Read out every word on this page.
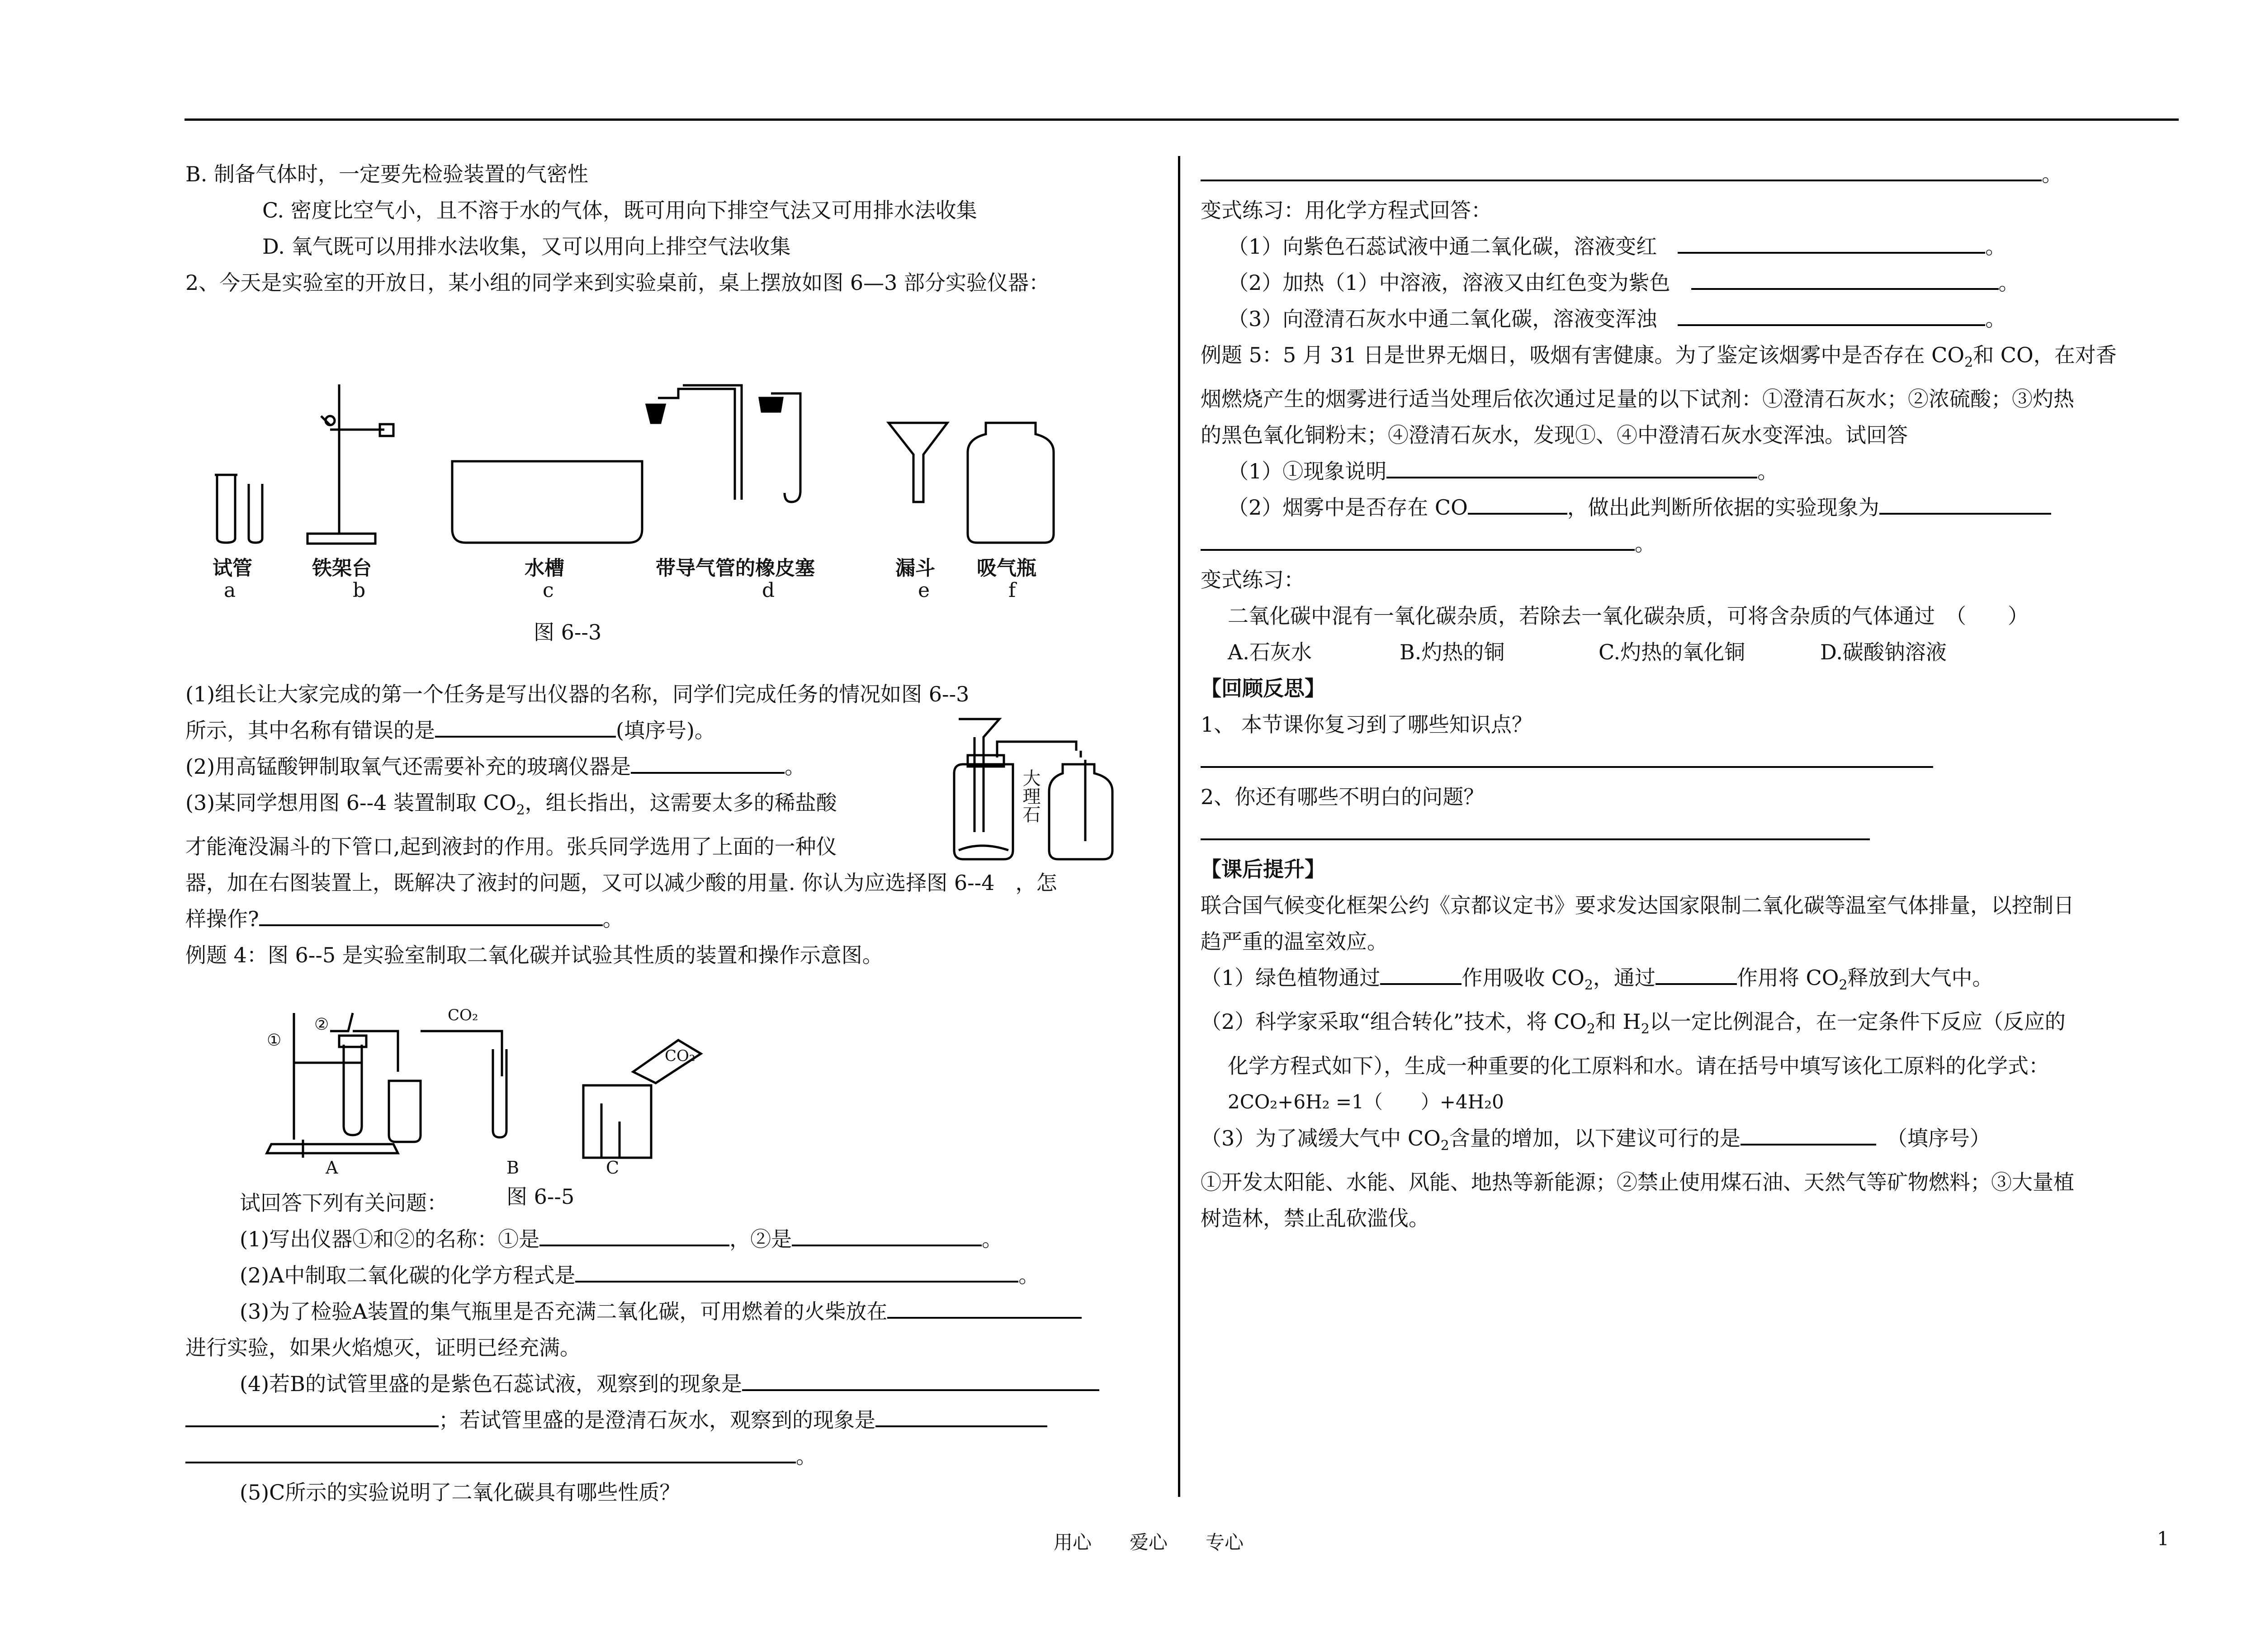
B. 制备气体时，一定要先检验装置的气密性

C. 密度比空气小，且不溶于水的气体，既可用向下排空气法又可用排水法收集

D. 氧气既可以用排水法收集，又可以用向上排空气法收集

2、今天是实验室的开放日，某小组的同学来到实验桌前，桌上摆放如图 6—3 部分实验仪器：

试管	铁架台	水槽	带导气管的橡皮塞	漏斗 吸气瓶
a	b	c	d	e	f
图 6--3

(1)组长让大家完成的第一个任务是写出仪器的名称，同学们完成任务的情况如图 6--3

所示，其中名称有错误的是	(填序号)。

(2)用高锰酸钾制取氧气还需要补充的玻璃仪器是	。

(3)某同学想用图 6--4 装置制取 $CO_2$，组长指出，这需要太多的稀盐酸

才能淹没漏斗的下管口,起到液封的作用。张兵同学选用了上面的一种仪

器，加在右图装置上，既解决了液封的问题，又可以减少酸的用量. 你认为应选择图 6--4　 ，怎

样操作?	。

例题 4：图 6--5 是实验室制取二氧化碳并试验其性质的装置和操作示意图。

大理石
①
②	CO₂
CO₂
A	B	C
图 6--5

试回答下列有关问题：

(1)写出仪器①和②的名称：①是	，②是	。

(2)A中制取二氧化碳的化学方程式是	。

(3)为了检验A装置的集气瓶里是否充满二氧化碳，可用燃着的火柴放在

进行实验，如果火焰熄灭，证明已经充满。

(4)若B的试管里盛的是紫色石蕊试液，观察到的现象是

；若试管里盛的是澄清石灰水，观察到的现象是

。

(5)C所示的实验说明了二氧化碳具有哪些性质？

。

变式练习：用化学方程式回答：

（1）向紫色石蕊试液中通二氧化碳，溶液变红　	。

（2）加热（1）中溶液，溶液又由红色变为紫色　	。

（3）向澄清石灰水中通二氧化碳，溶液变浑浊　	。

例题 5：5 月 31 日是世界无烟日，吸烟有害健康。为了鉴定该烟雾中是否存在 $CO_2$和 CO，在对香

烟燃烧产生的烟雾进行适当处理后依次通过足量的以下试剂：①澄清石灰水；②浓硫酸；③灼热

的黑色氧化铜粉末；④澄清石灰水，发现①、④中澄清石灰水变浑浊。试回答

（1）①现象说明	。

（2）烟雾中是否存在 CO	，做出此判断所依据的实验现象为

。

变式练习：

二氧化碳中混有一氧化碳杂质，若除去一氧化碳杂质，可将含杂质的气体通过　（　　）

A.石灰水	B.灼热的铜	C.灼热的氧化铜	D.碳酸钠溶液

【回顾反思】

1、 本节课你复习到了哪些知识点？

2、你还有哪些不明白的问题？

【课后提升】

联合国气候变化框架公约《京都议定书》要求发达国家限制二氧化碳等温室气体排量，以控制日

趋严重的温室效应。

（1）绿色植物通过	作用吸收 $CO_2$，通过	作用将 $CO_2$释放到大气中。

（2）科学家采取“组合转化”技术，将 $CO_2$和 $H_2$以一定比例混合，在一定条件下反应（反应的

化学方程式如下），生成一种重要的化工原料和水。请在括号中填写该化工原料的化学式：

2CO₂+6H₂ =1（　　）+4H₂0

（3）为了减缓大气中 $CO_2$含量的增加，以下建议可行的是　	（填序号）

①开发太阳能、水能、风能、地热等新能源；②禁止使用煤石油、天然气等矿物燃料；③大量植

树造林，禁止乱砍滥伐。

用心　　爱心　　专心	1
